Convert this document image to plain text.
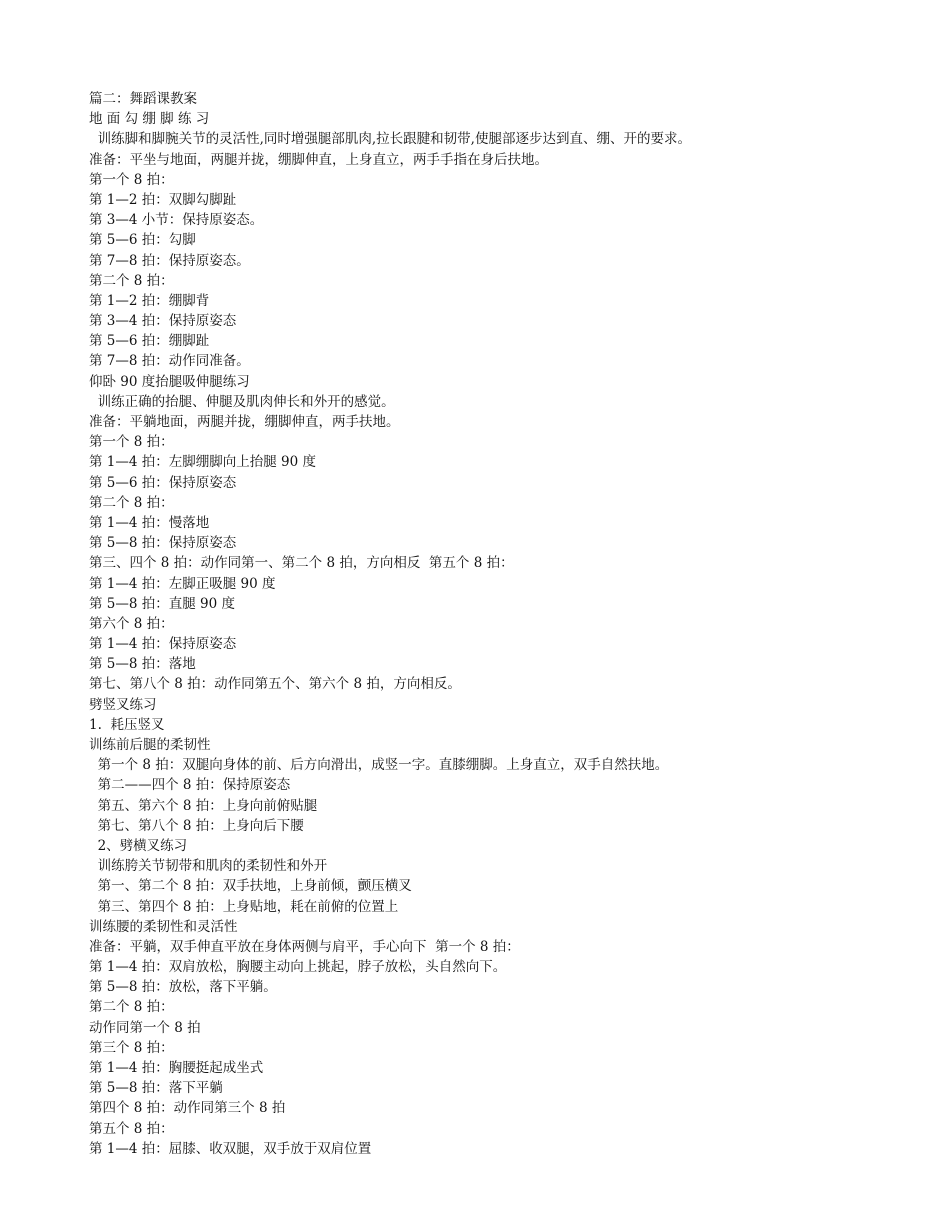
篇二：舞蹈课教案
地 面 勾 绷 脚 练 习
训练脚和脚腕关节的灵活性,同时增强腿部肌肉,拉长跟腱和韧带,使腿部逐步达到直、绷、开的要求。
准备：平坐与地面，两腿并拢，绷脚伸直，上身直立，两手手指在身后扶地。
第一个 8 拍：
第 1—2 拍：双脚勾脚趾
第 3—4 小节：保持原姿态。
第 5—6 拍：勾脚
第 7—8 拍：保持原姿态。
第二个 8 拍：
第 1—2 拍：绷脚背
第 3—4 拍：保持原姿态
第 5—6 拍：绷脚趾
第 7—8 拍：动作同准备。
仰卧 90 度抬腿吸伸腿练习
训练正确的抬腿、伸腿及肌肉伸长和外开的感觉。
准备：平躺地面，两腿并拢，绷脚伸直，两手扶地。
第一个 8 拍：
第 1—4 拍：左脚绷脚向上抬腿 90 度
第 5—6 拍：保持原姿态
第二个 8 拍：
第 1—4 拍：慢落地
第 5—8 拍：保持原姿态
第三、四个 8 拍：动作同第一、第二个 8 拍，方向相反  第五个 8 拍：
第 1—4 拍：左脚正吸腿 90 度
第 5—8 拍：直腿 90 度
第六个 8 拍：
第 1—4 拍：保持原姿态
第 5—8 拍：落地
第七、第八个 8 拍：动作同第五个、第六个 8 拍，方向相反。
劈竖叉练习
1.  耗压竖叉
训练前后腿的柔韧性
第一个 8 拍：双腿向身体的前、后方向滑出，成竖一字。直膝绷脚。上身直立，双手自然扶地。
第二——四个 8 拍：保持原姿态
第五、第六个 8 拍：上身向前俯贴腿
第七、第八个 8 拍：上身向后下腰
2、劈横叉练习
训练胯关节韧带和肌肉的柔韧性和外开
第一、第二个 8 拍：双手扶地，上身前倾，颤压横叉
第三、第四个 8 拍：上身贴地，耗在前俯的位置上
训练腰的柔韧性和灵活性
准备：平躺，双手伸直平放在身体两侧与肩平，手心向下  第一个 8 拍：
第 1—4 拍：双肩放松，胸腰主动向上挑起，脖子放松，头自然向下。
第 5—8 拍：放松，落下平躺。
第二个 8 拍：
动作同第一个 8 拍
第三个 8 拍：
第 1—4 拍：胸腰挺起成坐式
第 5—8 拍：落下平躺
第四个 8 拍：动作同第三个 8 拍
第五个 8 拍：
第 1—4 拍：屈膝、收双腿，双手放于双肩位置
